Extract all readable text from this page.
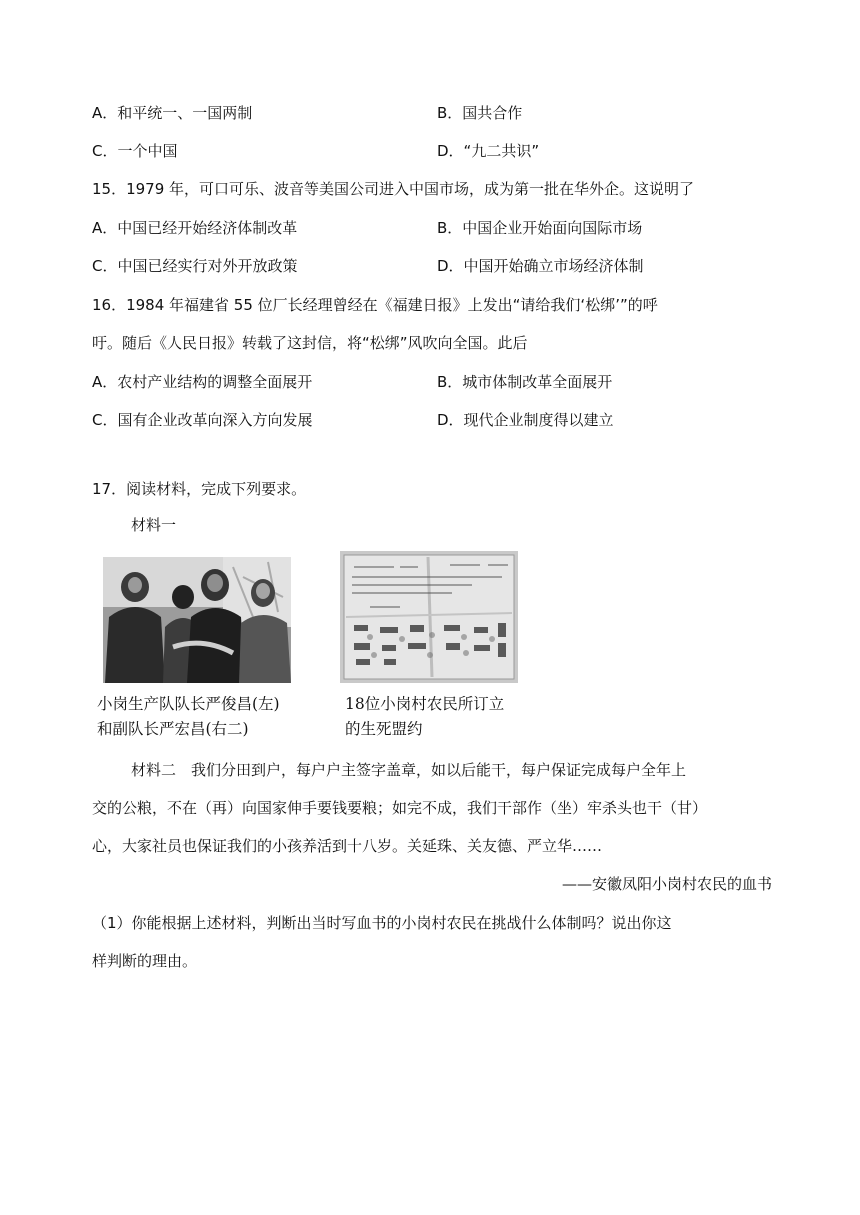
A．和平统一、一国两制	B．国共合作
C．一个中国	D．“九二共识”
15．1979 年，可口可乐、波音等美国公司进入中国市场，成为第一批在华外企。这说明了
A．中国已经开始经济体制改革	B．中国企业开始面向国际市场
C．中国已经实行对外开放政策	D．中国开始确立市场经济体制
16．1984 年福建省 55 位厂长经理曾经在《福建日报》上发出“请给我们‘松绑’”的呼
吁。随后《人民日报》转载了这封信，将“松绑”风吹向全国。此后
A．农村产业结构的调整全面展开	B．城市体制改革全面展开
C．国有企业改革向深入方向发展	D．现代企业制度得以建立
17．阅读材料，完成下列要求。
材料一
小岗生产队队长严俊昌(左)
和副队长严宏昌(右二)
18位小岗村农民所订立
的生死盟约
材料二　我们分田到户，每户户主签字盖章，如以后能干，每户保证完成每户全年上
交的公粮，不在（再）向国家伸手要钱要粮；如完不成，我们干部作（坐）牢杀头也干（甘）
心，大家社员也保证我们的小孩养活到十八岁。关延珠、关友德、严立华……
——安徽凤阳小岗村农民的血书
（1）你能根据上述材料，判断出当时写血书的小岗村农民在挑战什么体制吗？说出你这
样判断的理由。
